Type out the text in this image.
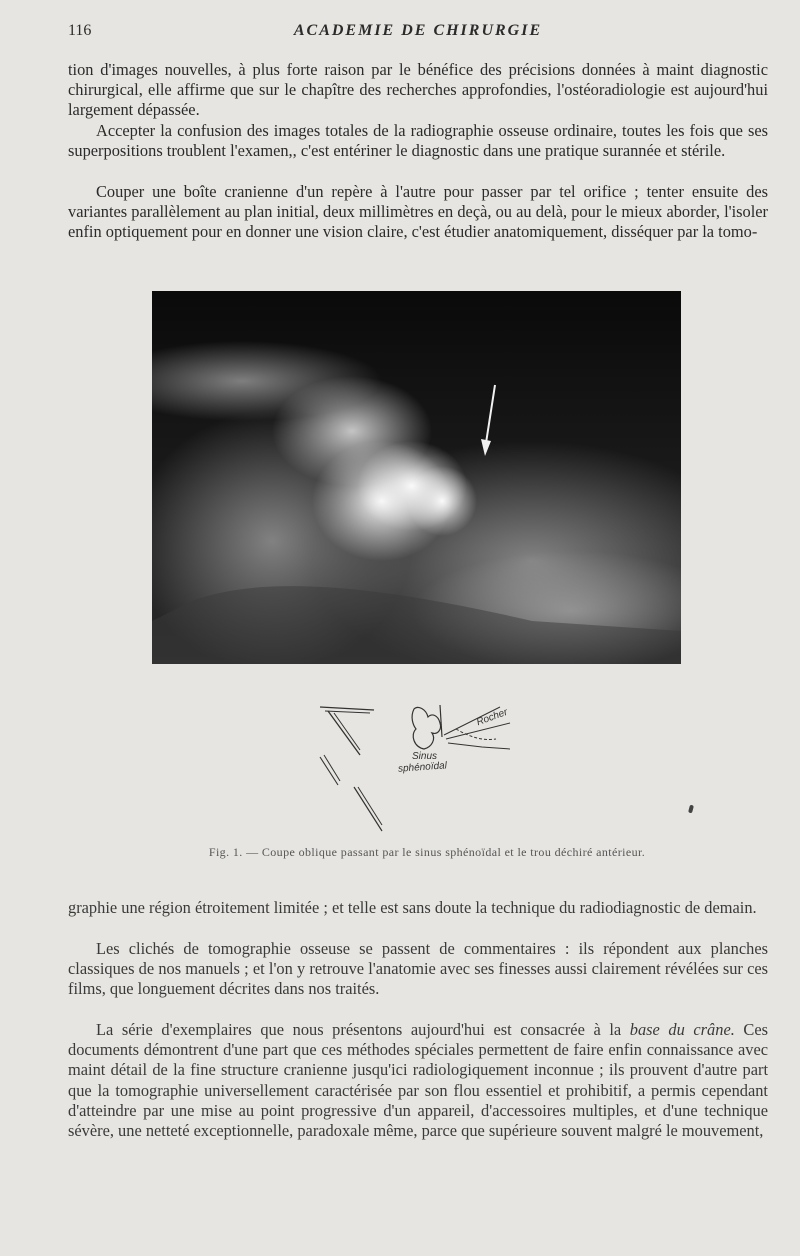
116	ACADEMIE DE CHIRURGIE

tion d'images nouvelles, à plus forte raison par le bénéfice des précisions données à maint diagnostic chirurgical, elle affirme que sur le chapître des recherches approfondies, l'ostéoradiologie est aujourd'hui largement dépassée.

Accepter la confusion des images totales de la radiographie osseuse ordinaire, toutes les fois que ses superpositions troublent l'examen,, c'est entériner le diagnostic dans une pratique surannée et stérile.

Couper une boîte cranienne d'un repère à l'autre pour passer par tel orifice ; tenter ensuite des variantes parallèlement au plan initial, deux millimètres en deçà, ou au delà, pour le mieux aborder, l'isoler enfin optiquement pour en donner une vision claire, c'est étudier anatomiquement, disséquer par la tomo-

Rocher
Sinus
sphénoïdal
Fig. 1. — Coupe oblique passant par le sinus sphénoïdal et le trou déchiré antérieur.

graphie une région étroitement limitée ; et telle est sans doute la technique du radiodiagnostic de demain.

Les clichés de tomographie osseuse se passent de commentaires : ils répondent aux planches classiques de nos manuels ; et l'on y retrouve l'anatomie avec ses finesses aussi clairement révélées sur ces films, que longuement décrites dans nos traités.

La série d'exemplaires que nous présentons aujourd'hui est consacrée à la base du crâne. Ces documents démontrent d'une part que ces méthodes spéciales permettent de faire enfin connaissance avec maint détail de la fine structure cranienne jusqu'ici radiologiquement inconnue ; ils prouvent d'autre part que la tomographie universellement caractérisée par son flou essentiel et prohibitif, a permis cependant d'atteindre par une mise au point progressive d'un appareil, d'accessoires multiples, et d'une technique sévère, une netteté exceptionnelle, paradoxale même, parce que supérieure souvent malgré le mouvement,
